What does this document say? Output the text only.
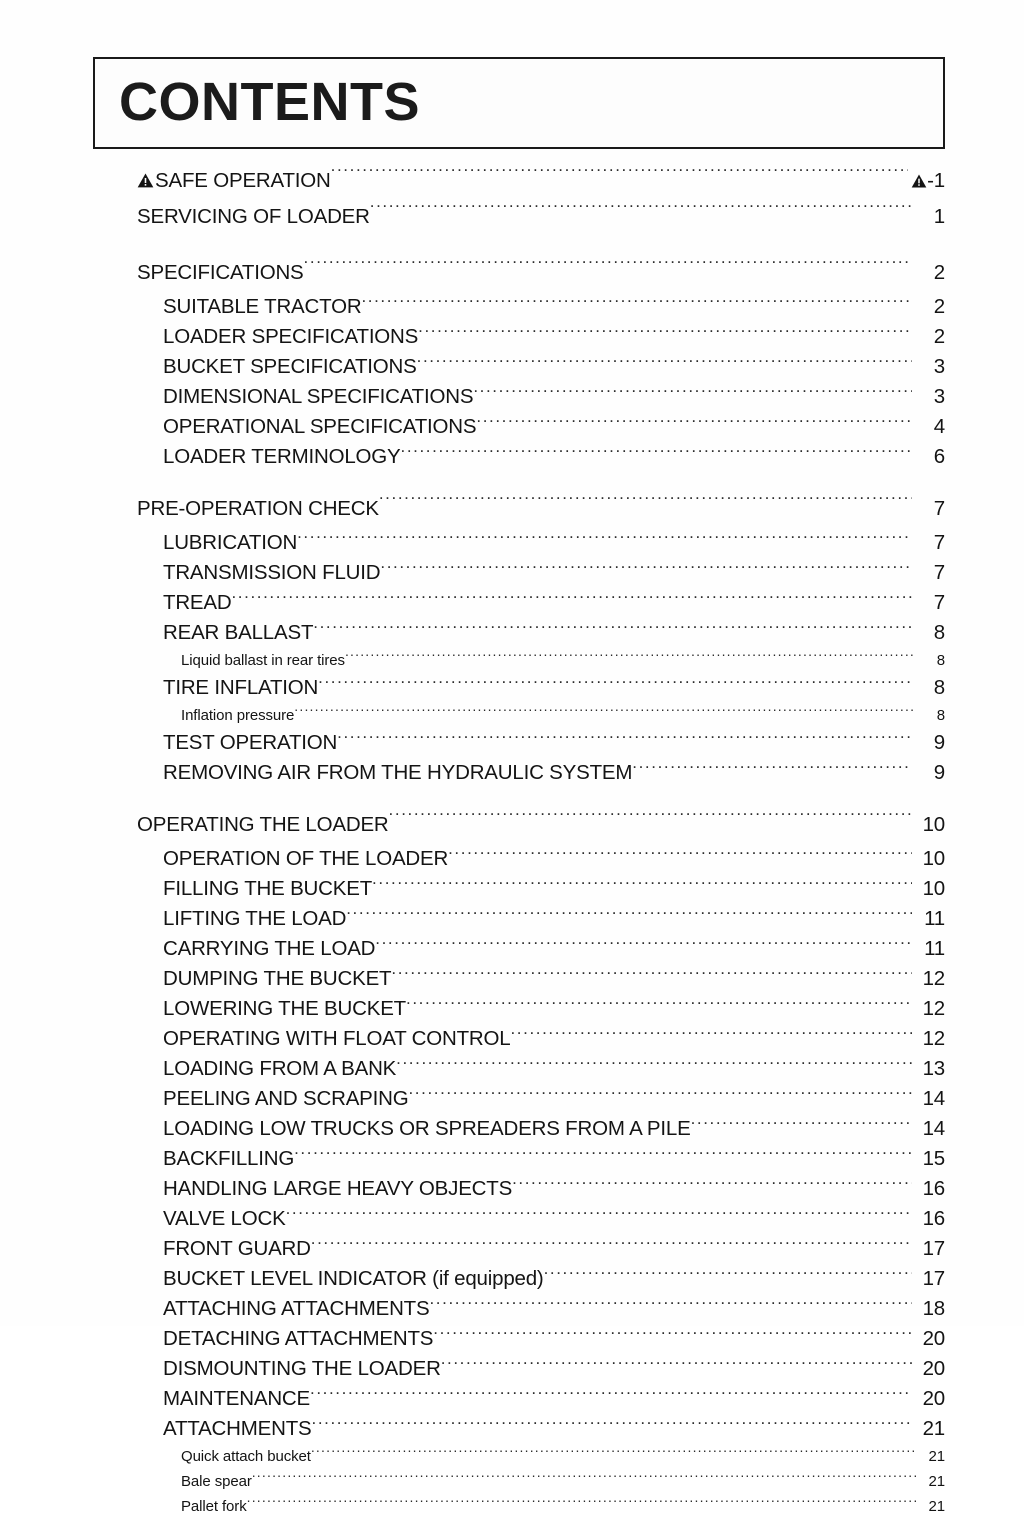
CONTENTS
SAFE OPERATION .....	-1
SERVICING OF LOADER .....	1
SPECIFICATIONS .....	2
SUITABLE TRACTOR .....	2
LOADER SPECIFICATIONS .....	2
BUCKET SPECIFICATIONS .....	3
DIMENSIONAL SPECIFICATIONS .....	3
OPERATIONAL SPECIFICATIONS .....	4
LOADER TERMINOLOGY .....	6
PRE-OPERATION CHECK .....	7
LUBRICATION .....	7
TRANSMISSION FLUID .....	7
TREAD .....	7
REAR BALLAST .....	8
Liquid ballast in rear tires .....	8
TIRE INFLATION .....	8
Inflation pressure .....	8
TEST OPERATION .....	9
REMOVING AIR FROM THE HYDRAULIC SYSTEM .....	9
OPERATING THE LOADER .....	10
OPERATION OF THE LOADER .....	10
FILLING THE BUCKET .....	10
LIFTING THE LOAD .....	11
CARRYING THE LOAD .....	11
DUMPING THE BUCKET .....	12
LOWERING THE BUCKET .....	12
OPERATING WITH FLOAT CONTROL .....	12
LOADING FROM A BANK .....	13
PEELING AND SCRAPING .....	14
LOADING LOW TRUCKS OR SPREADERS FROM A PILE .....	14
BACKFILLING .....	15
HANDLING LARGE HEAVY OBJECTS .....	16
VALVE LOCK .....	16
FRONT GUARD .....	17
BUCKET LEVEL INDICATOR (if equipped) .....	17
ATTACHING ATTACHMENTS .....	18
DETACHING ATTACHMENTS .....	20
DISMOUNTING THE LOADER .....	20
MAINTENANCE .....	20
ATTACHMENTS .....	21
Quick attach bucket .....	21
Bale spear .....	21
Pallet fork .....	21
